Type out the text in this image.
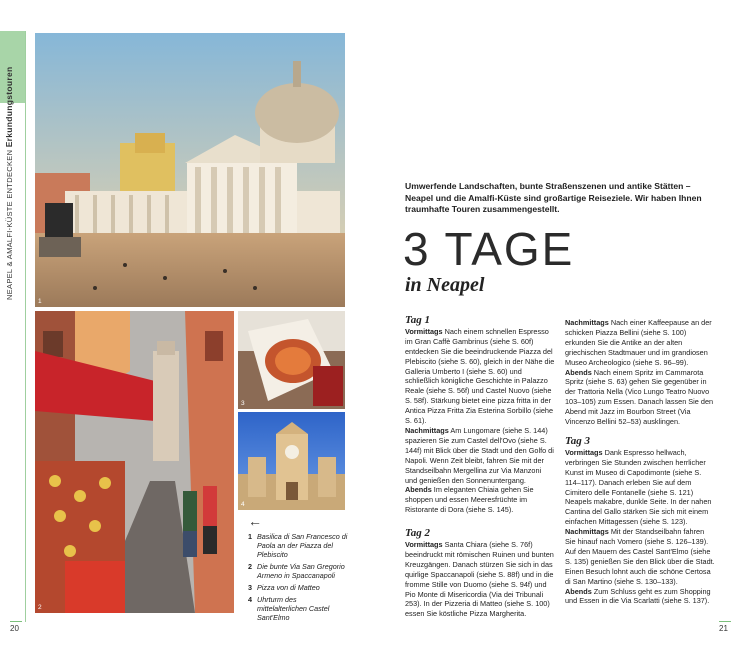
NEAPEL & AMALFI-KÜSTE ENTDECKEN Erkundungstouren
1
2
3
4
←
1 Basilica di San Francesco di Paola an der Piazza del Plebiscito
2 Die bunte Via San Gregorio Armeno in Spaccanapoli
3 Pizza von di Matteo
4 Uhrturm des mittelalterlichen Castel Sant'Elmo
20	21
Umwerfende Landschaften, bunte Straßenszenen und antike Stätten – Neapel und die Amalfi-Küste sind großartige Reiseziele. Wir haben Ihnen traumhafte Touren zusammengestellt.
3 TAGE
in Neapel
Tag 1

Vormittags Nach einem schnellen Espresso im Gran Caffè Gambrinus (siehe S. 60f) entdecken Sie die beeindruckende Piazza del Plebiscito (siehe S. 60), gleich in der Nähe die Galleria Umberto I (siehe S. 60) und schließlich königliche Geschichte in Palazzo Reale (siehe S. 56f) und Castel Nuovo (siehe S. 58f). Stärkung bietet eine pizza fritta in der Antica Pizza Fritta Zia Esterina Sorbillo (siehe S. 61).
Nachmittags Am Lungomare (siehe S. 144) spazieren Sie zum Castel dell'Ovo (siehe S. 144f) mit Blick über die Stadt und den Golfo di Napoli. Wenn Zeit bleibt, fahren Sie mit der Standseilbahn Mergellina zur Via Manzoni und genießen den Sonnenuntergang.
Abends Im eleganten Chiaia gehen Sie shoppen und essen Meeresfrüchte im Ristorante di Dora (siehe S. 145).

Tag 2

Vormittags Santa Chiara (siehe S. 76f) beeindruckt mit römischen Ruinen und bunten Kreuzgängen. Danach stürzen Sie sich in das quirlige Spaccanapoli (siehe S. 88f) und in die fromme Stille von Duomo (siehe S. 94f) und Pio Monte di Misericordia (Via dei Tribunali 253). In der Pizzeria di Matteo (siehe S. 100) essen Sie köstliche Pizza Margherita.

Nachmittags Nach einer Kaffeepause an der schicken Piazza Bellini (siehe S. 100) erkunden Sie die Antike an der alten griechischen Stadtmauer und im grandiosen Museo Archeologico (siehe S. 96–99).
Abends Nach einem Spritz im Cammarota Spritz (siehe S. 63) gehen Sie gegenüber in der Trattoria Nella (Vico Lungo Teatro Nuovo 103–105) zum Essen. Danach lassen Sie den Abend mit Jazz im Bourbon Street (Via Vincenzo Bellini 52–53) ausklingen.

Tag 3

Vormittags Dank Espresso hellwach, verbringen Sie Stunden zwischen herrlicher Kunst im Museo di Capodimonte (siehe S. 114–117). Danach erleben Sie auf dem Cimitero delle Fontanelle (siehe S. 121) Neapels makabre, dunkle Seite. In der nahen Cantina del Gallo stärken Sie sich mit einem einfachen Mittagessen (siehe S. 123).
Nachmittags Mit der Standseilbahn fahren Sie hinauf nach Vomero (siehe S. 126–139). Auf den Mauern des Castel Sant'Elmo (siehe S. 135) genießen Sie den Blick über die Stadt. Einen Besuch lohnt auch die schöne Certosa di San Martino (siehe S. 130–133).
Abends Zum Schluss geht es zum Shopping und Essen in die Via Scarlatti (siehe S. 137).
